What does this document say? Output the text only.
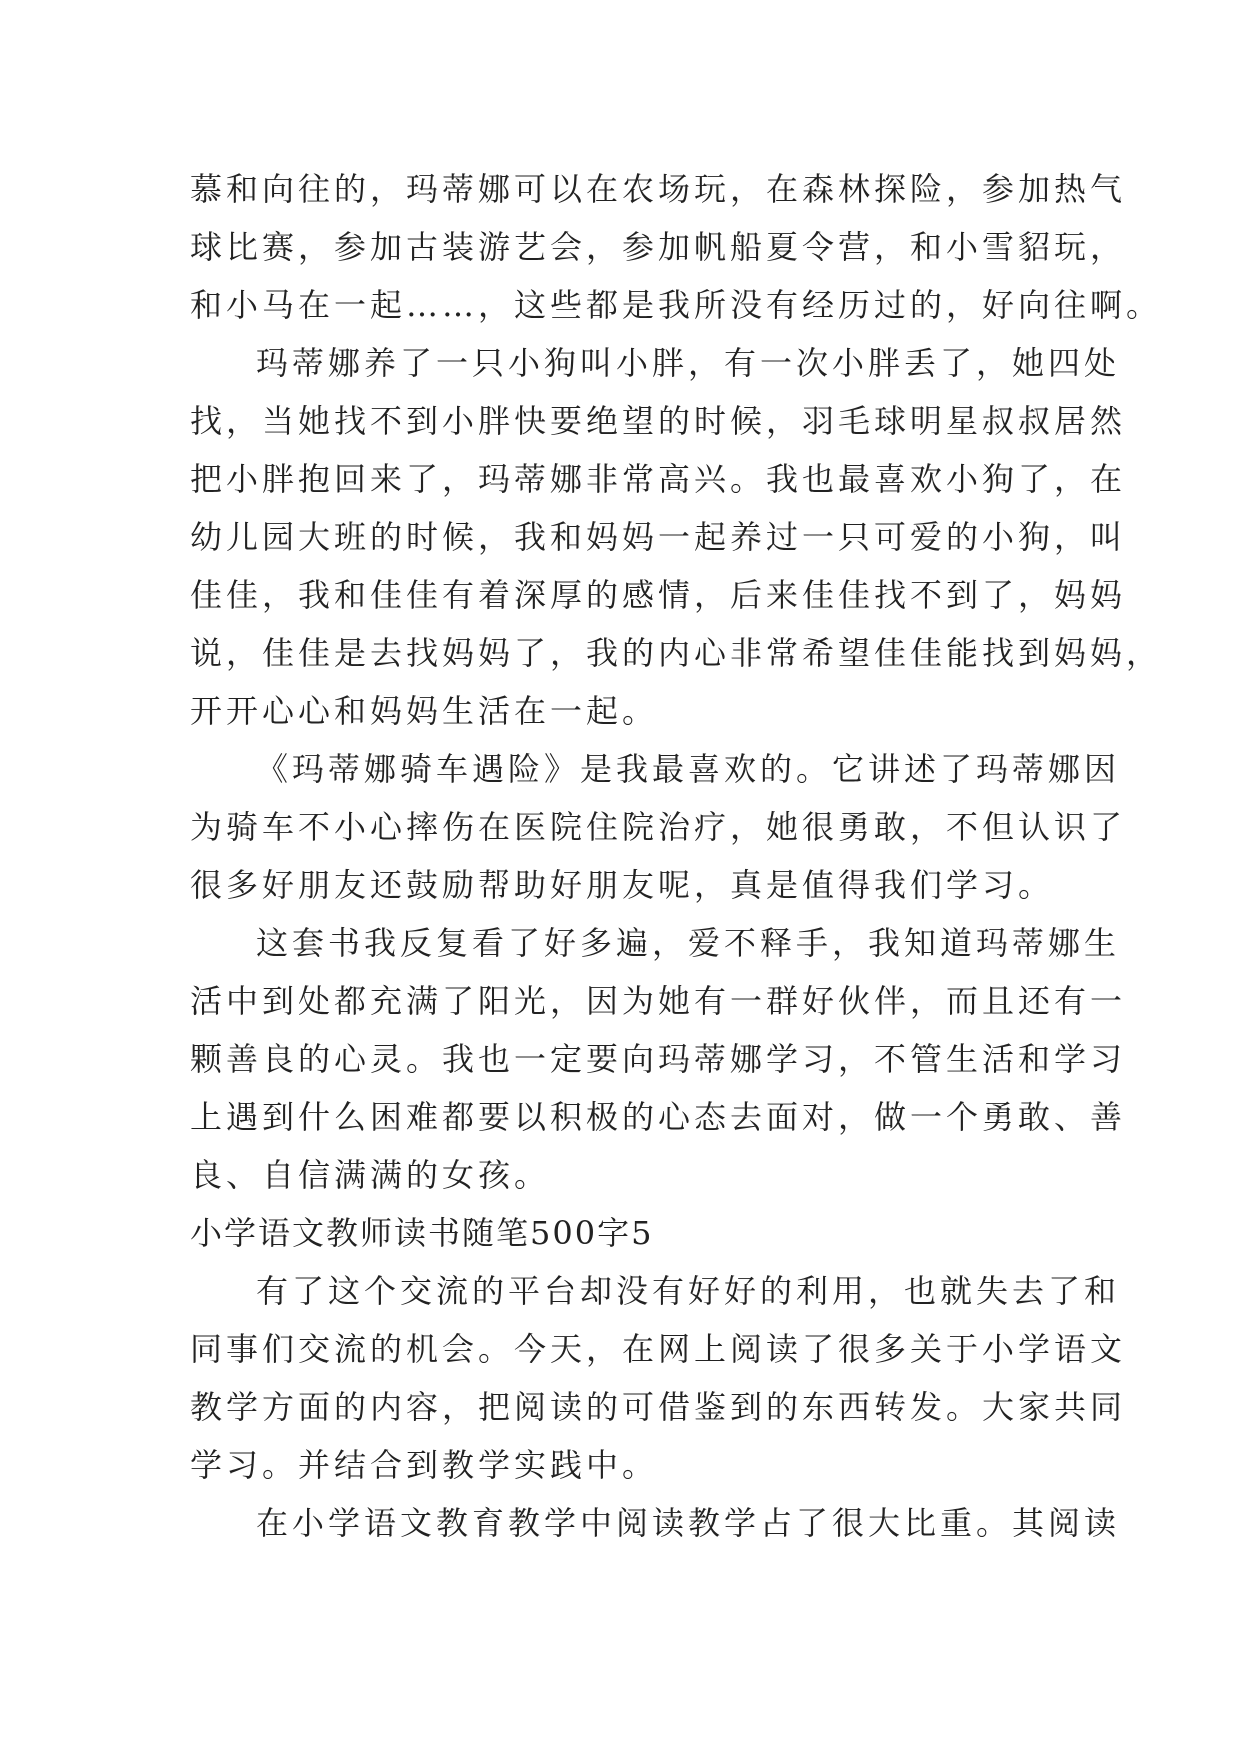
慕和向往的，玛蒂娜可以在农场玩，在森林探险，参加热气
球比赛，参加古装游艺会，参加帆船夏令营，和小雪貂玩，
和小马在一起……，这些都是我所没有经历过的，好向往啊。
玛蒂娜养了一只小狗叫小胖，有一次小胖丢了，她四处
找，当她找不到小胖快要绝望的时候，羽毛球明星叔叔居然
把小胖抱回来了，玛蒂娜非常高兴。我也最喜欢小狗了，在
幼儿园大班的时候，我和妈妈一起养过一只可爱的小狗，叫
佳佳，我和佳佳有着深厚的感情，后来佳佳找不到了，妈妈
说，佳佳是去找妈妈了，我的内心非常希望佳佳能找到妈妈，
开开心心和妈妈生活在一起。
《玛蒂娜骑车遇险》是我最喜欢的。它讲述了玛蒂娜因
为骑车不小心摔伤在医院住院治疗，她很勇敢，不但认识了
很多好朋友还鼓励帮助好朋友呢，真是值得我们学习。
这套书我反复看了好多遍，爱不释手，我知道玛蒂娜生
活中到处都充满了阳光，因为她有一群好伙伴，而且还有一
颗善良的心灵。我也一定要向玛蒂娜学习，不管生活和学习
上遇到什么困难都要以积极的心态去面对，做一个勇敢、善
良、自信满满的女孩。
小学语文教师读书随笔500字5
有了这个交流的平台却没有好好的利用，也就失去了和
同事们交流的机会。今天，在网上阅读了很多关于小学语文
教学方面的内容，把阅读的可借鉴到的东西转发。大家共同
学习。并结合到教学实践中。
在小学语文教育教学中阅读教学占了很大比重。其阅读
